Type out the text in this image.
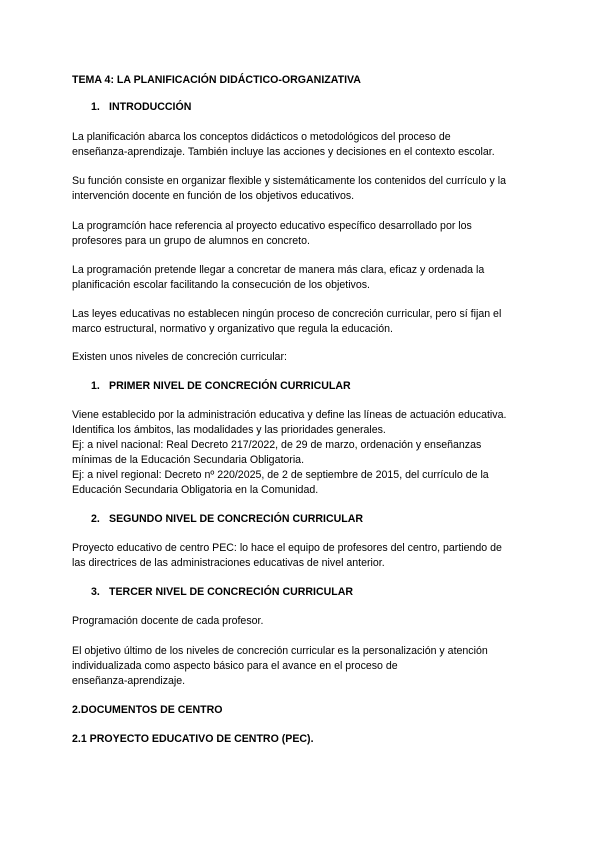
TEMA 4: LA PLANIFICACIÓN DIDÁCTICO-ORGANIZATIVA
1. INTRODUCCIÓN
La planificación abarca los conceptos didácticos o metodológicos del proceso de
enseñanza-aprendizaje. También incluye las acciones y decisiones en el contexto escolar.
Su función consiste en organizar flexible y sistemáticamente los contenidos del currículo y la
intervención docente en función de los objetivos educativos.
La programcíón hace referencia al proyecto educativo específico desarrollado por los
profesores para un grupo de alumnos en concreto.
La programación pretende llegar a concretar de manera más clara, eficaz y ordenada la
planificación escolar facilitando la consecución de los objetivos.
Las leyes educativas no establecen ningún proceso de concreción curricular, pero sí fijan el
marco estructural, normativo y organizativo que regula la educación.
Existen unos niveles de concreción curricular:
1. PRIMER NIVEL DE CONCRECIÓN CURRICULAR
Viene establecido por la administración educativa y define las líneas de actuación educativa.
Identifica los ámbitos, las modalidades y las prioridades generales.
Ej: a nivel nacional: Real Decreto 217/2022, de 29 de marzo, ordenación y enseñanzas
mínimas de la Educación Secundaria Obligatoria.
Ej: a nivel regional: Decreto nº 220/2025, de 2 de septiembre de 2015, del currículo de la
Educación Secundaria Obligatoria en la Comunidad.
2. SEGUNDO NIVEL DE CONCRECIÓN CURRICULAR
Proyecto educativo de centro PEC: lo hace el equipo de profesores del centro, partiendo de
las directrices de las administraciones educativas de nivel anterior.
3. TERCER NIVEL DE CONCRECIÓN CURRICULAR
Programación docente de cada profesor.
El objetivo último de los niveles de concreción curricular es la personalización y atención
individualizada como aspecto básico para el avance en el proceso de
enseñanza-aprendizaje.
2.DOCUMENTOS DE CENTRO
2.1 PROYECTO EDUCATIVO DE CENTRO (PEC).
